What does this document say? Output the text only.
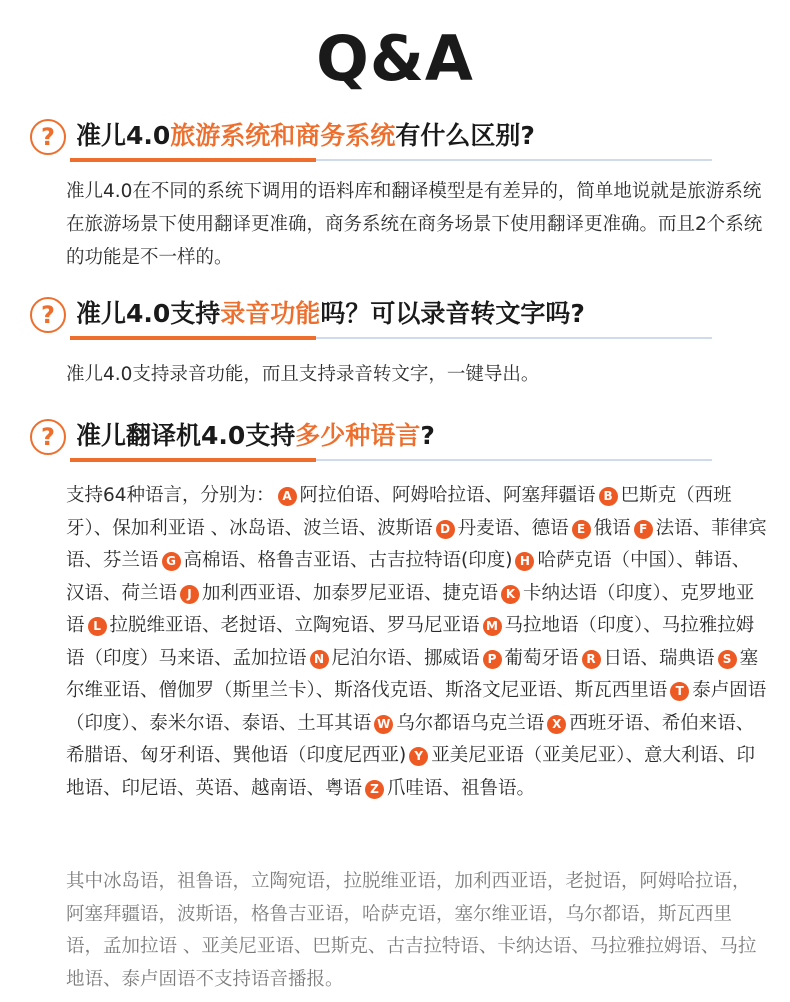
Q&A
? 准儿4.0旅游系统和商务系统有什么区别?
准儿4.0在不同的系统下调用的语料库和翻译模型是有差异的，简单地说就是旅游系统在旅游场景下使用翻译更准确，商务系统在商务场景下使用翻译更准确。而且2个系统的功能是不一样的。
? 准儿4.0支持录音功能吗？可以录音转文字吗?
准儿4.0支持录音功能，而且支持录音转文字，一键导出。
? 准儿翻译机4.0支持多少种语言?
支持64种语言，分别为： A 阿拉伯语、阿姆哈拉语、阿塞拜疆语 B 巴斯克（西班牙）、保加利亚语 、冰岛语、波兰语、波斯语 D 丹麦语、德语 E 俄语 F 法语、菲律宾语、芬兰语 G 高棉语、格鲁吉亚语、古吉拉特语(印度) H 哈萨克语（中国）、韩语、汉语、荷兰语 J 加利西亚语、加泰罗尼亚语、捷克语 K 卡纳达语（印度）、克罗地亚语 L 拉脱维亚语、老挝语、立陶宛语、罗马尼亚语 M 马拉地语（印度）、马拉雅拉姆语（印度）马来语、孟加拉语 N 尼泊尔语、挪威语 P 葡萄牙语 R 日语、瑞典语 S 塞尔维亚语、僧伽罗（斯里兰卡）、斯洛伐克语、斯洛文尼亚语、斯瓦西里语 T 泰卢固语（印度）、泰米尔语、泰语、土耳其语 W 乌尔都语乌克兰语 X 西班牙语、希伯来语、希腊语、匈牙利语、巽他语（印度尼西亚) Y 亚美尼亚语（亚美尼亚）、意大利语、印地语、印尼语、英语、越南语、粤语 Z 爪哇语、祖鲁语。
其中冰岛语，祖鲁语，立陶宛语，拉脱维亚语，加利西亚语，老挝语，阿姆哈拉语，阿塞拜疆语，波斯语，格鲁吉亚语，哈萨克语，塞尔维亚语，乌尔都语，斯瓦西里语，孟加拉语 、亚美尼亚语、巴斯克、古吉拉特语、卡纳达语、马拉雅拉姆语、马拉地语、泰卢固语不支持语音播报。
